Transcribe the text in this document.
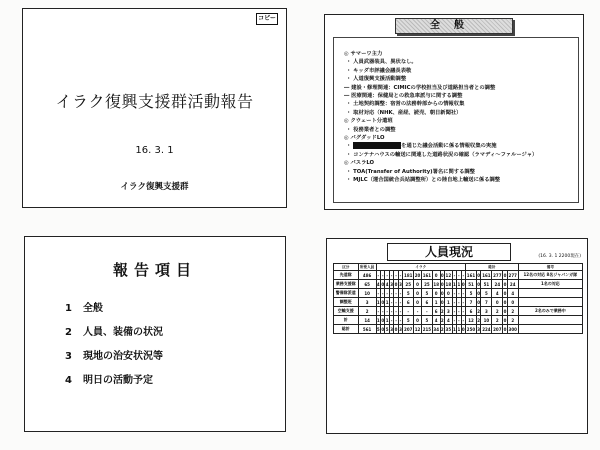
コピー
イラク復興支援群活動報告
16. 3. 1
イラク復興支援群
全般
◎ サマーワ主力
・ 人員武器装具、異状なし。
・ キッダ市評議会議長表敬
・ 人道復興支援活動調整
― 建設・修理関連：CIMICの学校担当及び道路担当者との調整
― 医療関連：保健局との救急車派与に関する調整
・ 土地契約調整：宿営の法務幹部からの情報収集
・ 取材対応（NHK、産経、読売、朝日新聞社）
◎ クウェート分遣班
・ 役務業者との調整
◎ バグダッドLO
・ を通じた議会活動に係る情報収集の実施
・ コンテナハウスの輸送に関連した道路状況の確認（ラマディ～ファルージャ）
◎ バスラLO
・ TOA(Transfer of Authority)署名に関する調整
・ MJLC（運合国統合兵站調整所）との陸自地上輸送に係る調整
報告項目
1 全般
2 人員、装備の状況
3 現地の治安状況等
4 明日の活動予定
人員現況	(16. 3. 1 2200現在)
区分	所要人員	イラク															総計						備考
先遣隊	486	-	-	-	-	-	-	181	20	161	0	0	12	-	-	-	161	0	161	277	0	277	12名の対応 8名ジャパンガ隊
業務支援隊	65	4	0	4	3	0	3	25	0	25	18	0	18	1	1	0	51	0	51	24	0	24	1名の対応
警備隊派遣	10	-	-	-	-	-	-	5	0	5	0	0	0	-	-	-	5	0	5	4	0	4	
調整班	3	1	0	1	-	-	-	6	0	6	1	0	1	-	-	-	7	0	7	0	0	0	
空輸支援	2	-	-	-	-	-	-	-	-	-	6	2	3	-	-	-	6	2	3	2	0	2	2名のみで業務中
計	14	1	0	1	-	-	-	5	0	5	4	2	4	-	-	-	12	2	10	2	0	2	
総計	561	5	0	5	3	0	3	207	12	215	34	2	35	1	1	0	250	3	224	207	0	300	
